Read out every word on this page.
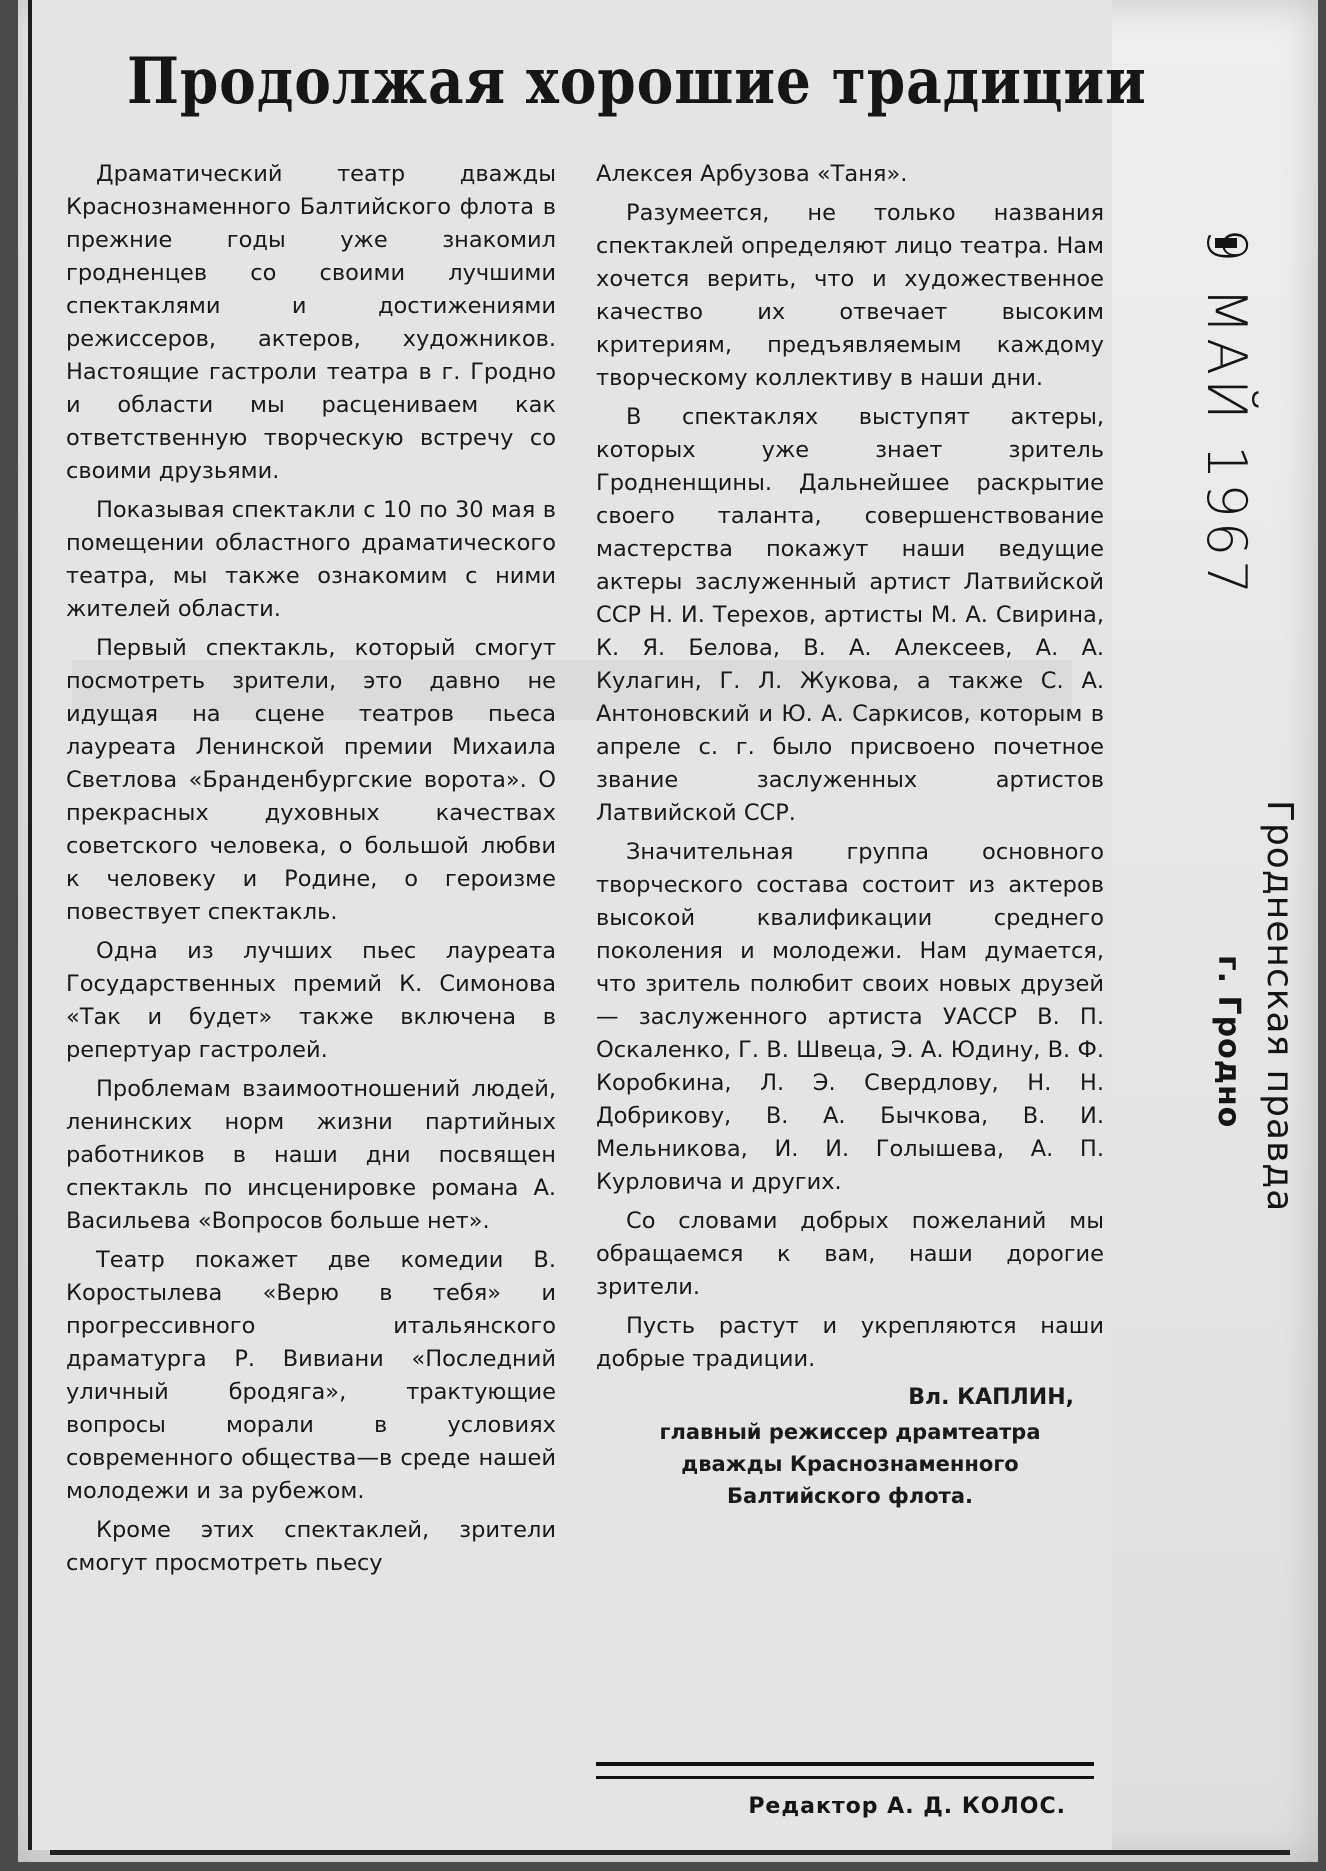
Продолжая хорошие традиции

Драматический театр дважды Краснознаменного Балтийского флота в прежние годы уже знакомил гродненцев со своими лучшими спектаклями и достижениями режиссеров, актеров, художников. Настоящие гастроли театра в г. Гродно и области мы расцениваем как ответственную творческую встречу со своими друзьями.

Показывая спектакли с 10 по 30 мая в помещении областного драматического театра, мы также ознакомим с ними жителей области.

Первый спектакль, который смогут посмотреть зрители, это давно не идущая на сцене театров пьеса лауреата Ленинской премии Михаила Светлова «Бранденбургские ворота». О прекрасных духовных качествах советского человека, о большой любви к человеку и Родине, о героизме повествует спектакль.

Одна из лучших пьес лауреата Государственных премий К. Симонова «Так и будет» также включена в репертуар гастролей.

Проблемам взаимоотношений людей, ленинских норм жизни партийных работников в наши дни посвящен спектакль по инсценировке романа А. Васильева «Вопросов больше нет».

Театр покажет две комедии В. Коростылева «Верю в тебя» и прогрессивного итальянского драматурга Р. Вивиани «Последний уличный бродяга», трактующие вопросы морали в условиях современного общества—в среде нашей молодежи и за рубежом.

Кроме этих спектаклей, зрители смогут просмотреть пьесу

Алексея Арбузова «Таня».

Разумеется, не только названия спектаклей определяют лицо театра. Нам хочется верить, что и художественное качество их отвечает высоким критериям, предъявляемым каждому творческому коллективу в наши дни.

В спектаклях выступят актеры, которых уже знает зритель Гродненщины. Дальнейшее раскрытие своего таланта, совершенствование мастерства покажут наши ведущие актеры заслуженный артист Латвийской ССР Н. И. Терехов, артисты М. А. Свирина, К. Я. Белова, В. А. Алексеев, А. А. Кулагин, Г. Л. Жукова, а также С. А. Антоновский и Ю. А. Саркисов, которым в апреле с. г. было присвоено почетное звание заслуженных артистов Латвийской ССР.

Значительная группа основного творческого состава состоит из актеров высокой квалификации среднего поколения и молодежи. Нам думается, что зритель полюбит своих новых друзей — заслуженного артиста УАССР В. П. Оскаленко, Г. В. Швеца, Э. А. Юдину, В. Ф. Коробкина, Л. Э. Свердлову, Н. Н. Добрикову, В. А. Бычкова, В. И. Мельникова, И. И. Голышева, А. П. Курловича и других.

Со словами добрых пожеланий мы обращаемся к вам, наши дорогие зрители.

Пусть растут и укрепляются наши добрые традиции.

Вл. КАПЛИН,
главный режиссер драмтеатра дважды Краснознаменного Балтийского флота.
Редактор А. Д. КОЛОС.
9 МАЙ 1967
Гродненская правда
г. Гродно
